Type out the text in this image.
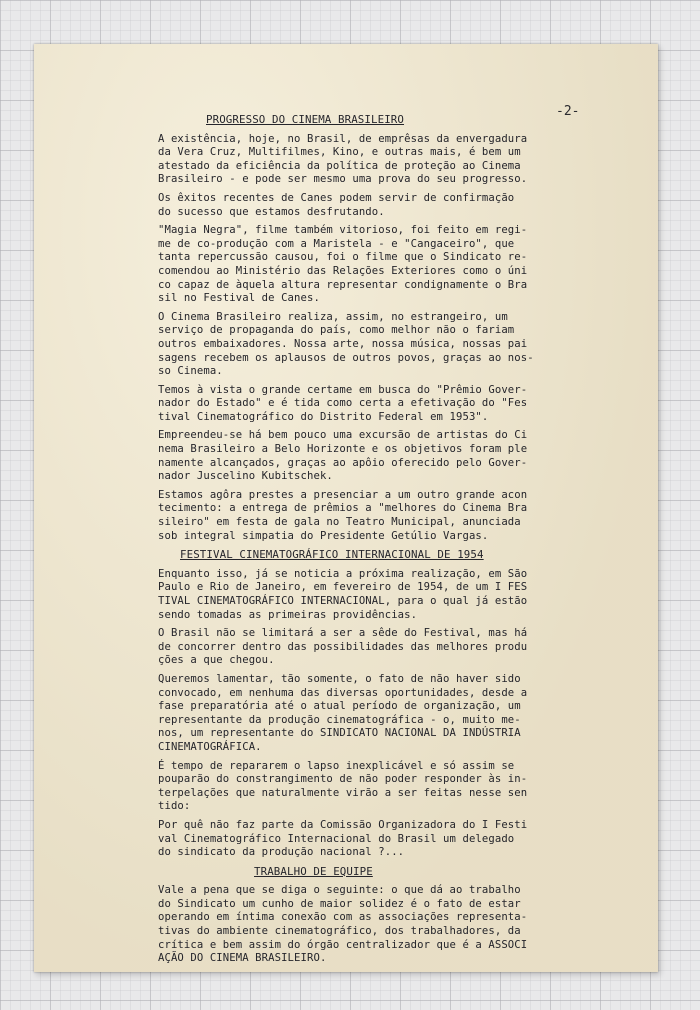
-2-
PROGRESSO DO CINEMA BRASILEIRO

A existência, hoje, no Brasil, de emprêsas da envergadura
da Vera Cruz, Multifilmes, Kino, e outras mais, é bem um
atestado da eficiência da política de proteção ao Cinema
Brasileiro - e pode ser mesmo uma prova do seu progresso.

Os êxitos recentes de Canes podem servir de confirmação
do sucesso que estamos desfrutando.

"Magia Negra", filme também vitorioso, foi feito em regi-
me de co-produção com a Maristela - e "Cangaceiro", que
tanta repercussão causou, foi o filme que o Sindicato re-
comendou ao Ministério das Relações Exteriores como o úni
co capaz de àquela altura representar condignamente o Bra
sil no Festival de Canes.

O Cinema Brasileiro realiza, assim, no estrangeiro, um
serviço de propaganda do país, como melhor não o fariam
outros embaixadores. Nossa arte, nossa música, nossas pai
sagens recebem os aplausos de outros povos, graças ao nos-
so Cinema.

Temos à vista o grande certame em busca do "Prêmio Gover-
nador do Estado" e é tida como certa a efetivação do "Fes
tival Cinematográfico do Distrito Federal em 1953".

Empreendeu-se há bem pouco uma excursão de artistas do Ci
nema Brasileiro a Belo Horizonte e os objetivos foram ple
namente alcançados, graças ao apôio oferecido pelo Gover-
nador Juscelino Kubitschek.

Estamos agôra prestes a presenciar a um outro grande acon
tecimento: a entrega de prêmios a "melhores do Cinema Bra
sileiro" em festa de gala no Teatro Municipal, anunciada
sob integral simpatia do Presidente Getúlio Vargas.

FESTIVAL CINEMATOGRÁFICO INTERNACIONAL DE 1954

Enquanto isso, já se noticia a próxima realização, em São
Paulo e Rio de Janeiro, em fevereiro de 1954, de um I FES
TIVAL CINEMATOGRÁFICO INTERNACIONAL, para o qual já estão
sendo tomadas as primeiras providências.

O Brasil não se limitará a ser a sêde do Festival, mas há
de concorrer dentro das possibilidades das melhores produ
ções a que chegou.

Queremos lamentar, tão somente, o fato de não haver sido
convocado, em nenhuma das diversas oportunidades, desde a
fase preparatória até o atual período de organização, um
representante da produção cinematográfica - o, muito me-
nos, um representante do SINDICATO NACIONAL DA INDÚSTRIA
CINEMATOGRÁFICA.

É tempo de repararem o lapso inexplicável e só assim se
pouparão do constrangimento de não poder responder às in-
terpelações que naturalmente virão a ser feitas nesse sen
tido:

Por quê não faz parte da Comissão Organizadora do I Festi
val Cinematográfico Internacional do Brasil um delegado
do sindicato da produção nacional ?...

TRABALHO DE EQUIPE

Vale a pena que se diga o seguinte: o que dá ao trabalho
do Sindicato um cunho de maior solidez é o fato de estar
operando em íntima conexão com as associações representa-
tivas do ambiente cinematográfico, dos trabalhadores, da
crítica e bem assim do órgão centralizador que é a ASSOCI
AÇÃO DO CINEMA BRASILEIRO.
